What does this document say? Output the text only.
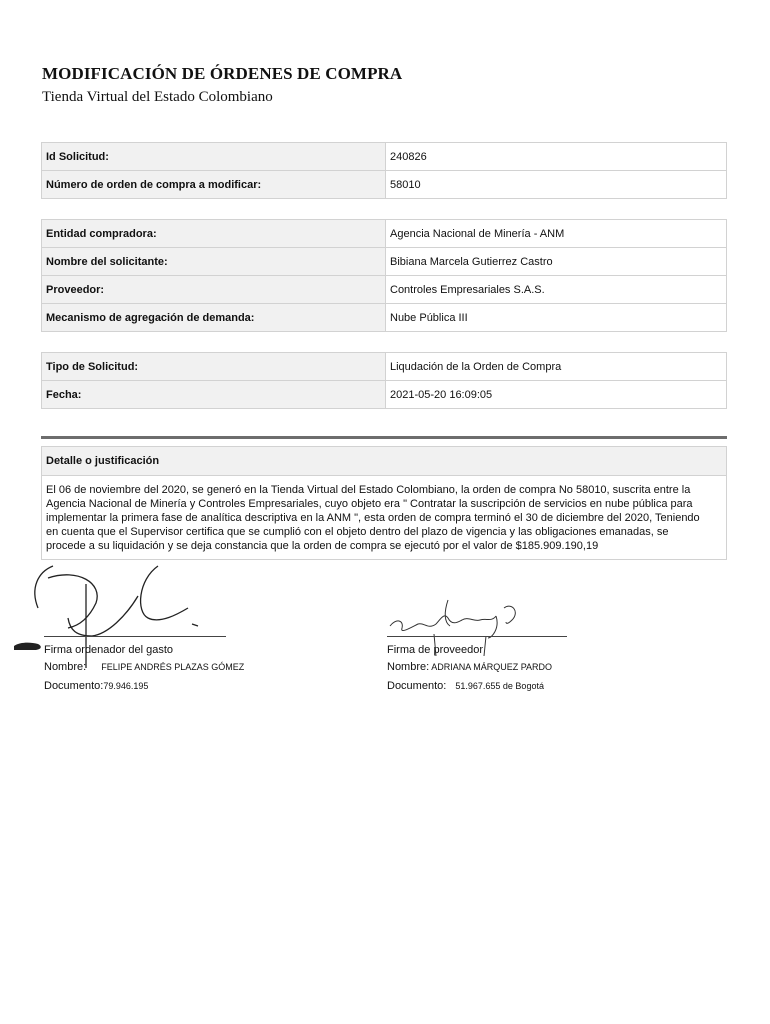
MODIFICACIÓN DE ÓRDENES DE COMPRA

Tienda Virtual del Estado Colombiano

Id Solicitud:	240826
Número de orden de compra a modificar:	58010
Entidad compradora:	Agencia Nacional de Minería - ANM
Nombre del solicitante:	Bibiana Marcela Gutierrez Castro
Proveedor:	Controles Empresariales S.A.S.
Mecanismo de agregación de demanda:	Nube Pública III
Tipo de Solicitud:	Liqudación de la Orden de Compra
Fecha:	2021-05-20 16:09:05
Detalle o justificación
El 06 de noviembre del 2020, se generó en la Tienda Virtual del Estado Colombiano, la orden de compra No 58010, suscrita entre la
Agencia Nacional de Minería y Controles Empresariales, cuyo objeto era " Contratar la suscripción de servicios en nube pública para
implementar la primera fase de analítica descriptiva en la ANM ", esta orden de compra terminó el 30 de diciembre del 2020, Teniendo
en cuenta que el Supervisor certifica que se cumplió con el objeto dentro del plazo de vigencia y las obligaciones emanadas, se
procede a su liquidación y se deja constancia que la orden de compra se ejecutó por el valor de $185.909.190,19
Firma ordenador del gasto
Nombre: FELIPE ANDRÉS PLAZAS GÓMEZ
Documento:79.946.195
Firma de proveedor
Nombre: ADRIANA MÁRQUEZ PARDO
Documento: 51.967.655 de Bogotá
